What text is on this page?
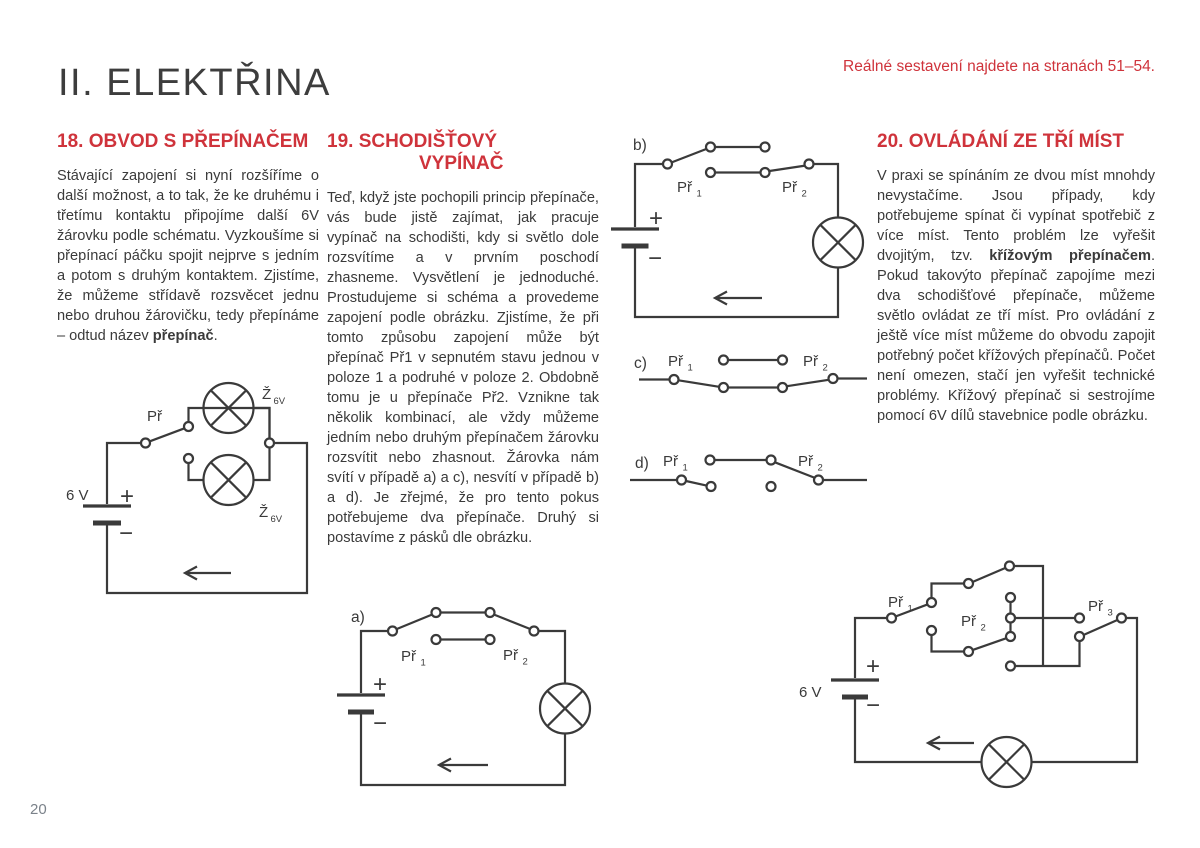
II. ELEKTŘINA	Reálné sestavení najdete na stranách 51–54.
18. OBVOD S PŘEPÍNAČEM

Stávající zapojení si nyní rozšíříme o další možnost, a to tak, že ke druhému i třetímu kontaktu připojíme další 6V žárovku podle schématu. Vyzkoušíme si přepínací páčku spojit nejprve s jedním a potom s druhým kontaktem. Zjistíme, že můžeme střídavě rozsvěcet jednu nebo druhou žárovičku, tedy přepínáme – odtud název přepínač.

19. SCHODIŠŤOVÝ
VYPÍNAČ

Teď, když jste pochopili princip přepínače, vás bude jistě zajímat, jak pracuje vypínač na schodišti, kdy si světlo dole rozsvítíme a v prvním poschodí zhasneme. Vysvětlení je jednoduché. Prostudujeme si schéma a provedeme zapojení podle obrázku. Zjistíme, že při tomto způsobu zapojení může být přepínač Př1 v sepnutém stavu jednou v poloze 1 a podruhé v poloze 2. Obdobně tomu je u přepínače Př2. Vznikne tak několik kombinací, ale vždy můžeme jedním nebo druhým přepínačem žárovku rozsvítit nebo zhasnout. Žárovka nám svítí v případě a) a c), nesvítí v případě b) a d). Je zřejmé, že pro tento pokus potřebujeme dva přepínače. Druhý si postavíme z pásků dle obrázku.

20. OVLÁDÁNÍ ZE TŘÍ MÍST

V praxi se spínáním ze dvou míst mnohdy nevystačíme. Jsou případy, kdy potřebujeme spínat či vypínat spotřebič z více míst. Tento problém lze vyřešit dvojitým, tzv. křížovým přepínačem. Pokud takovýto přepínač zapojíme mezi dva schodišťové přepínače, můžeme světlo ovládat ze tří míst. Pro ovládání z ještě více míst můžeme do obvodu zapojit potřebný počet křížových přepínačů. Počet není omezen, stačí jen vyřešit technické problémy. Křížový přepínač si sestrojíme pomocí 6V dílů stavebnice podle obrázku.

Př
6 V +
−
Ž 6V
Ž 6V
b)
+
−
Př 1	Př 2
c) Př 1	Př 2
d) Př 1	Př 2
a)
+
−
Př 1	Př 2
6 V
+
−
Př 1
Př 2
Př 3
20
